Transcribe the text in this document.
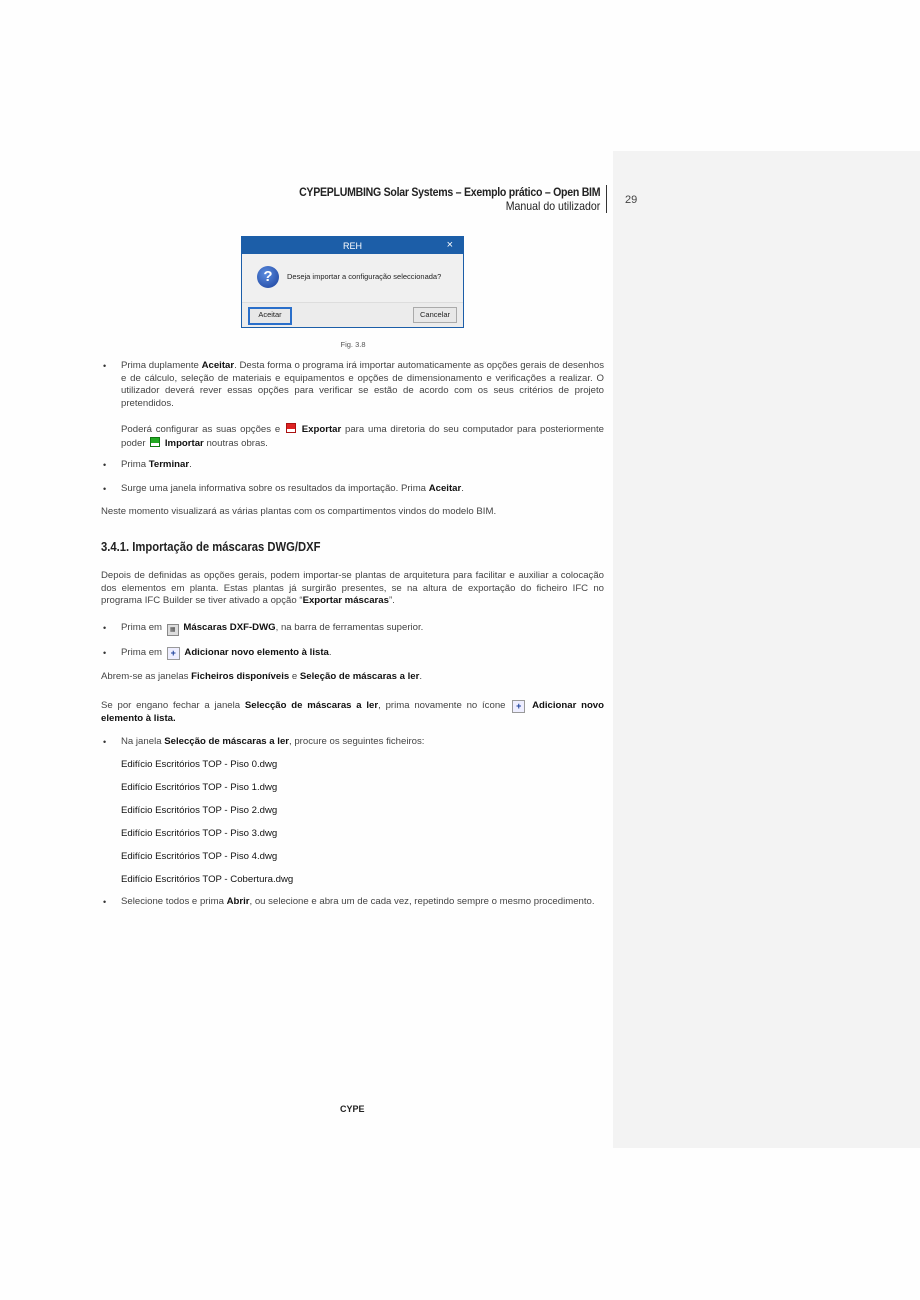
29
CYPEPLUMBING Solar Systems – Exemplo prático – Open BIM
Manual do utilizador
REH	×
?	Deseja importar a configuração seleccionada?
Aceitar	Cancelar
Fig. 3.8
• Prima duplamente Aceitar. Desta forma o programa irá importar automaticamente as opções gerais de desenhos e de cálculo, seleção de materiais e equipamentos e opções de dimensionamento e verificações a realizar. O utilizador deverá rever essas opções para verificar se estão de acordo com os seus critérios de projeto pretendidos.
Poderá configurar as suas opções e  Exportar para uma diretoria do seu computador para posteriormente poder  Importar noutras obras.
• Prima Terminar.
• Surge uma janela informativa sobre os resultados da importação. Prima Aceitar.
Neste momento visualizará as várias plantas com os compartimentos vindos do modelo BIM.
3.4.1. Importação de máscaras DWG/DXF
Depois de definidas as opções gerais, podem importar-se plantas de arquitetura para facilitar e auxiliar a colocação dos elementos em planta. Estas plantas já surgirão presentes, se na altura de exportação do ficheiro IFC no programa IFC Builder se tiver ativado a opção “Exportar máscaras”.
• Prima em ▦ Máscaras DXF-DWG, na barra de ferramentas superior.
• Prima em + Adicionar novo elemento à lista.
Abrem-se as janelas Ficheiros disponíveis e Seleção de máscaras a ler.
Se por engano fechar a janela Selecção de máscaras a ler, prima novamente no ícone + Adicionar novo elemento à lista.
• Na janela Selecção de máscaras a ler, procure os seguintes ficheiros:
Edifício Escritórios TOP - Piso 0.dwg
Edifício Escritórios TOP - Piso 1.dwg
Edifício Escritórios TOP - Piso 2.dwg
Edifício Escritórios TOP - Piso 3.dwg
Edifício Escritórios TOP - Piso 4.dwg
Edifício Escritórios TOP - Cobertura.dwg
• Selecione todos e prima Abrir, ou selecione e abra um de cada vez, repetindo sempre o mesmo procedimento.
CYPE
